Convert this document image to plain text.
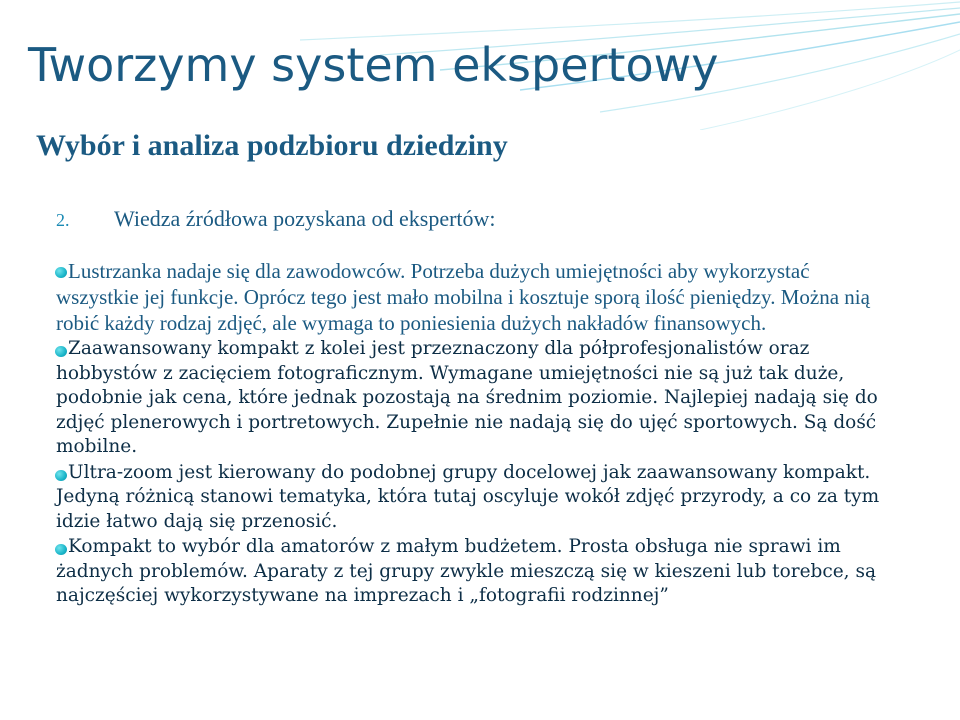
Tworzymy system ekspertowy
Wybór i analiza podzbioru dziedziny
2. Wiedza źródłowa pozyskana od ekspertów:
Lustrzanka nadaje się dla zawodowców. Potrzeba dużych umiejętności aby wykorzystać wszystkie jej funkcje. Oprócz tego jest mało mobilna i kosztuje sporą ilość pieniędzy. Można nią robić każdy rodzaj zdjęć, ale wymaga to poniesienia dużych nakładów finansowych.
Zaawansowany kompakt z kolei jest przeznaczony dla półprofesjonalistów oraz hobbystów z zacięciem fotograficznym. Wymagane umiejętności nie są już tak duże, podobnie jak cena, które jednak pozostają na średnim poziomie. Najlepiej nadają się do zdjęć plenerowych i portretowych. Zupełnie nie nadają się do ujęć sportowych. Są dość mobilne.
Ultra-zoom jest kierowany do podobnej grupy docelowej jak zaawansowany kompakt. Jedyną różnicą stanowi tematyka, która tutaj oscyluje wokół zdjęć przyrody, a co za tym idzie łatwo dają się przenosić.
Kompakt to wybór dla amatorów z małym budżetem. Prosta obsługa nie sprawi im żadnych problemów. Aparaty z tej grupy zwykle mieszczą się w kieszeni lub torebce, są najczęściej wykorzystywane na imprezach i „fotografii rodzinnej”
